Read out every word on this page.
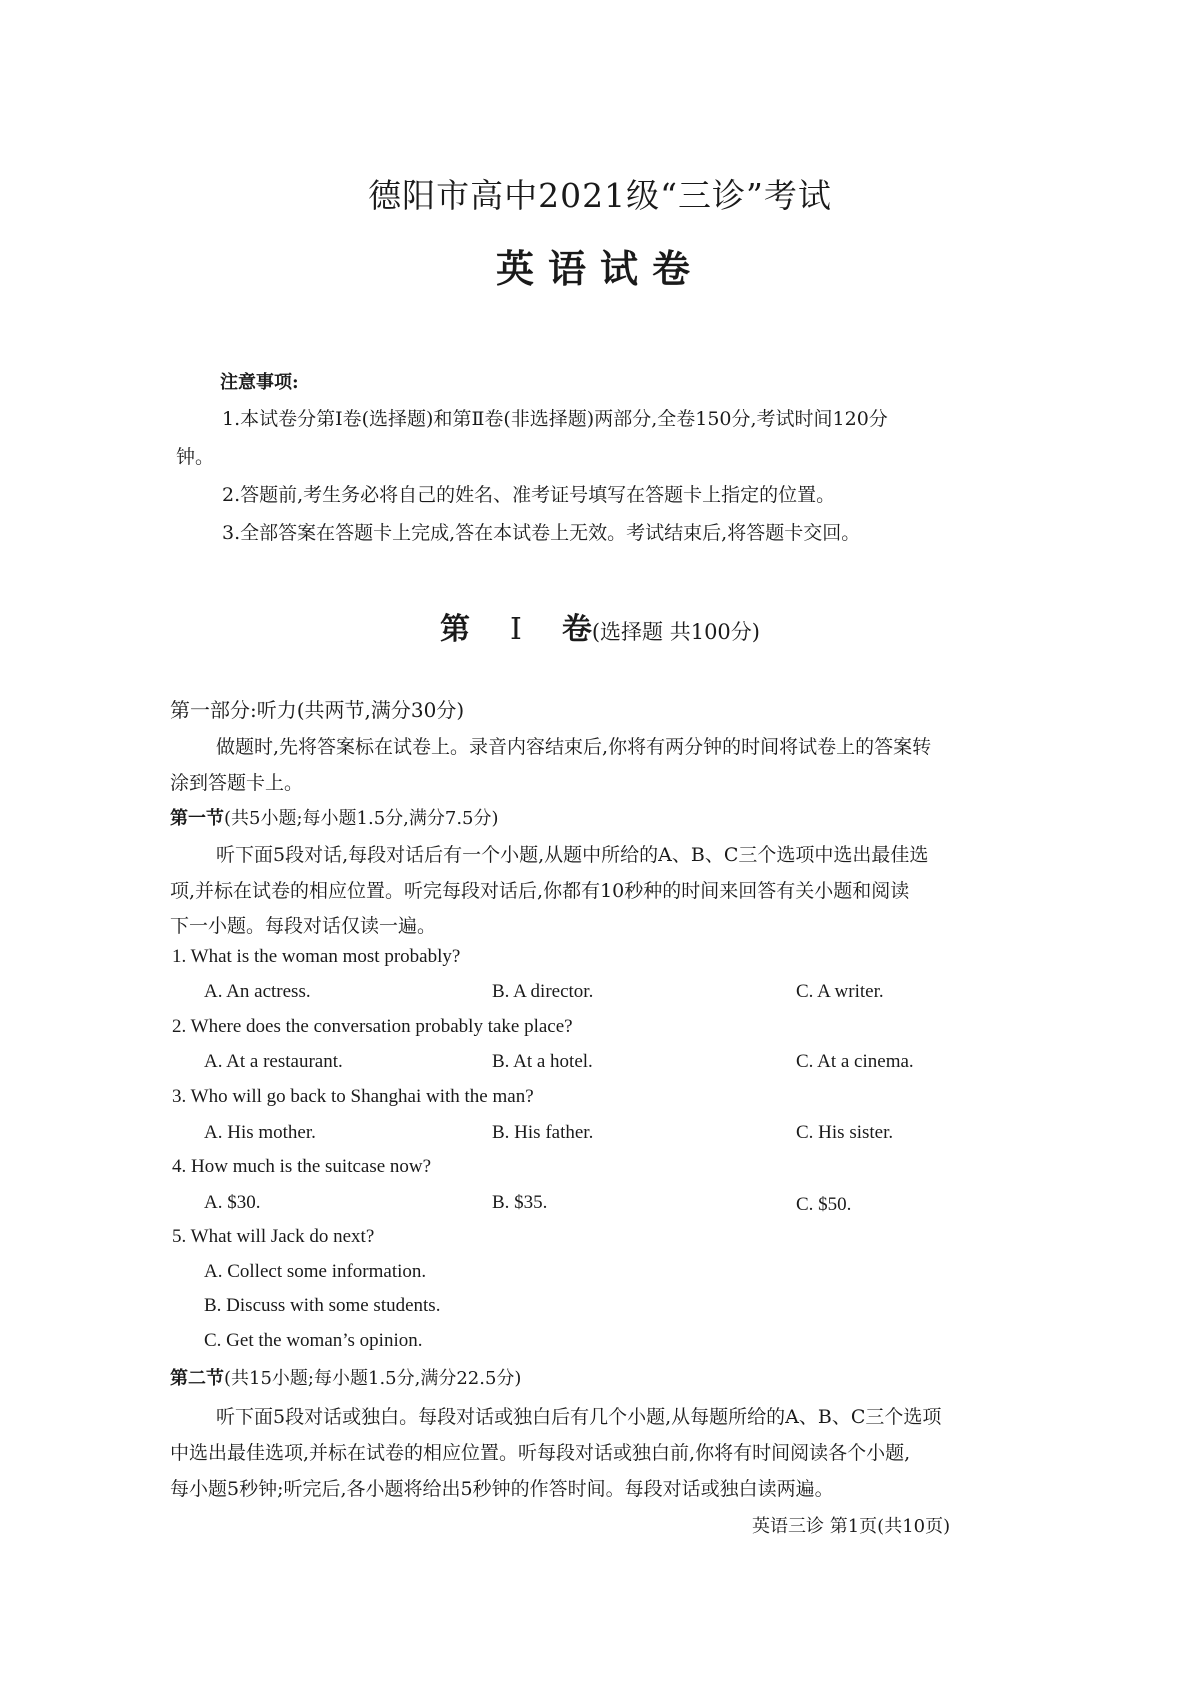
德阳市高中2021级“三诊”考试
英语试卷
注意事项:
1.本试卷分第Ⅰ卷(选择题)和第Ⅱ卷(非选择题)两部分,全卷150分,考试时间120分
钟。
2.答题前,考生务必将自己的姓名、准考证号填写在答题卡上指定的位置。
3.全部答案在答题卡上完成,答在本试卷上无效。考试结束后,将答题卡交回。
第 Ⅰ 卷(选择题 共100分)
第一部分:听力(共两节,满分30分)
做题时,先将答案标在试卷上。录音内容结束后,你将有两分钟的时间将试卷上的答案转
涂到答题卡上。
第一节(共5小题;每小题1.5分,满分7.5分)
听下面5段对话,每段对话后有一个小题,从题中所给的A、B、C三个选项中选出最佳选
项,并标在试卷的相应位置。听完每段对话后,你都有10秒种的时间来回答有关小题和阅读
下一小题。每段对话仅读一遍。
1. What is the woman most probably?
A. An actress.	B. A director.	C. A writer.
2. Where does the conversation probably take place?
A. At a restaurant.	B. At a hotel.	C. At a cinema.
3. Who will go back to Shanghai with the man?
A. His mother.	B. His father.	C. His sister.
4. How much is the suitcase now?
A. $30.	B. $35.	C. $50.
5. What will Jack do next?
A. Collect some information.
B. Discuss with some students.
C. Get the woman’s opinion.
第二节(共15小题;每小题1.5分,满分22.5分)
听下面5段对话或独白。每段对话或独白后有几个小题,从每题所给的A、B、C三个选项
中选出最佳选项,并标在试卷的相应位置。听每段对话或独白前,你将有时间阅读各个小题,
每小题5秒钟;听完后,各小题将给出5秒钟的作答时间。每段对话或独白读两遍。
英语三诊 第1页(共10页)
